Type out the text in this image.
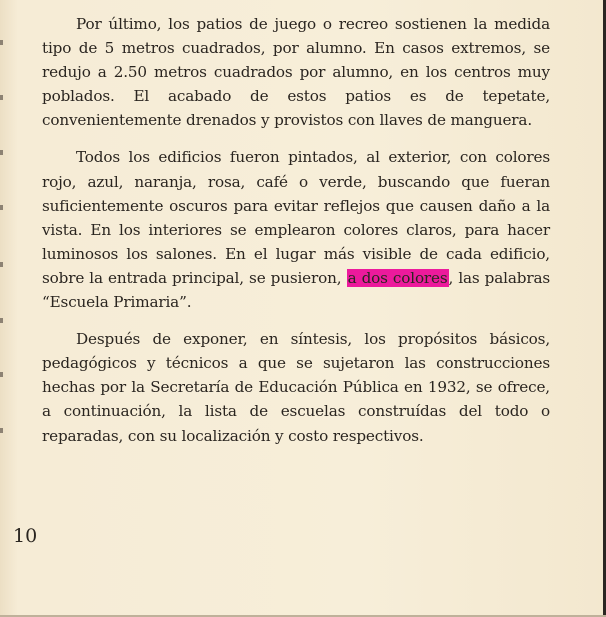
Por último, los patios de juego o recreo sostienen la medida tipo de 5 metros cuadrados, por alumno. En casos extremos, se redujo a 2.50 metros cuadrados por alumno, en los centros muy poblados. El acabado de estos patios es de tepetate, convenientemente drenados y provistos con llaves de manguera.

Todos los edificios fueron pintados, al exterior, con colores rojo, azul, naranja, rosa, café o verde, buscando que fueran suficientemente oscuros para evitar reflejos que causen daño a la vista. En los interiores se emplearon colores claros, para hacer luminosos los salones. En el lugar más visible de cada edificio, sobre la entrada principal, se pusieron, a dos colores, las palabras “Escuela Primaria”.

Después de exponer, en síntesis, los propósitos básicos, pedagógicos y técnicos a que se sujetaron las construcciones hechas por la Secretaría de Educación Pública en 1932, se ofrece, a continuación, la lista de escuelas construídas del todo o reparadas, con su localización y costo respectivos.

10
